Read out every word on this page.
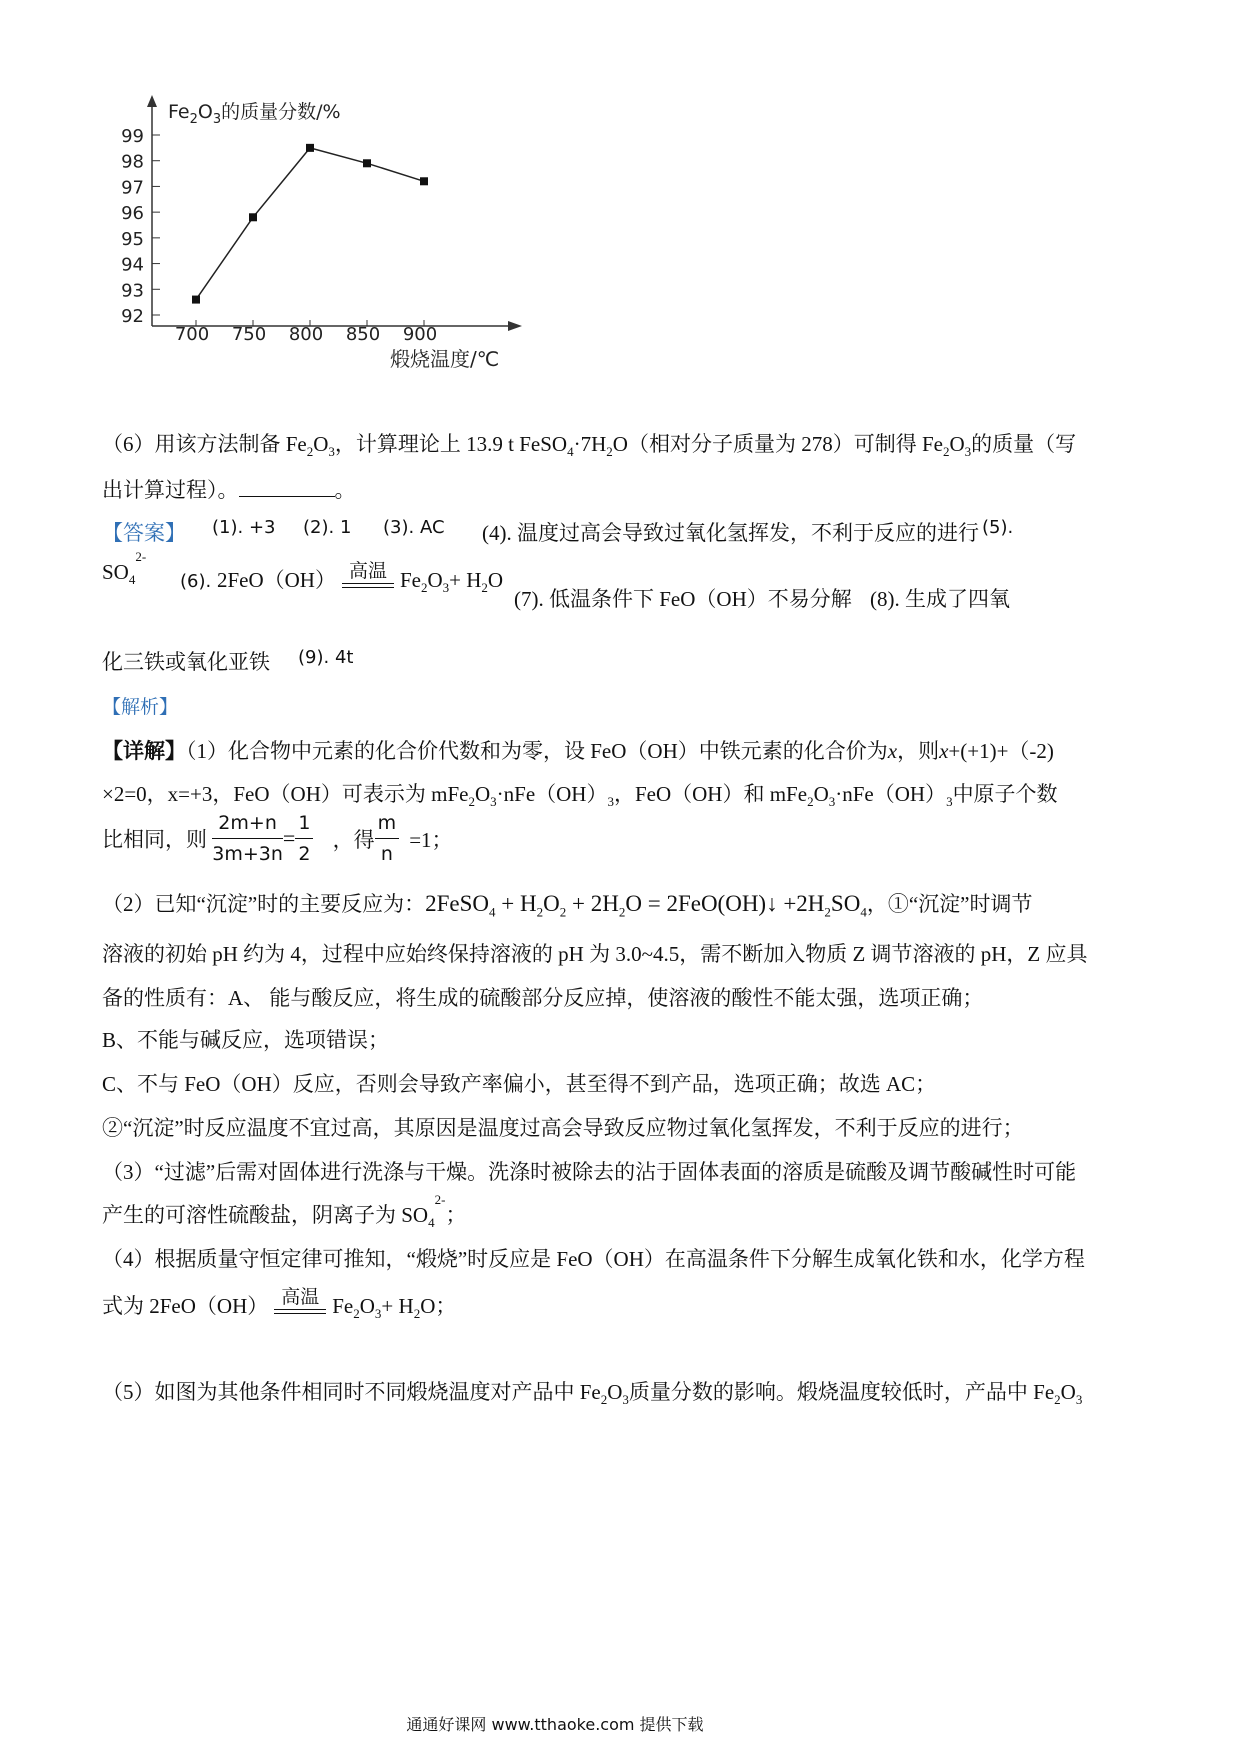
$Fe_2O_3$的质量分数/%
92
93
94
95
96
97
98
99
700 750 800 850 900
煅烧温度/℃
（6）用该方法制备 $Fe_2O_3$，计算理论上 13.9 t $FeSO_4\cdot 7H_2O$（相对分子质量为 278）可制得 $Fe_2O_3$的质量（写
出计算过程）。	。
【答案】 (1). +3 (2). 1 (3). AC (4). 温度过高会导致过氧化氢挥发，不利于反应的进行 (5).
$SO_4^{2-}$
(6). 2FeO（OH） 高温 $Fe_2O_3+ H_2O$
(7). 低温条件下 FeO（OH）不易分解 (8). 生成了四氧
化三铁或氧化亚铁 (9). 4t
【解析】
【详解】（1）化合物中元素的化合价代数和为零，设 FeO（OH）中铁元素的化合价为x，则x+(+1)+（-2)
×2=0，x=+3，FeO（OH）可表示为 $mFe_2O_3\cdot nFe(OH)_3$，FeO（OH）和 $mFe_2O_3\cdot nFe(OH)_3$中原子个数
比相同，则 $\frac{2m+n}{3m+3n} = \frac{1}{2}$ ，得 $\frac{m}{n} =1$；
（2）已知“沉淀”时的主要反应为：2FeSO$_4$ + $H_2O_2 + 2H_2O$ = 2FeO(OH)↓ $+2H_2SO_4$，①“沉淀”时调节
溶液的初始 pH 约为 4，过程中应始终保持溶液的 pH 为 3.0~4.5，需不断加入物质 Z 调节溶液的 pH，Z 应具
备的性质有：A、 能与酸反应，将生成的硫酸部分反应掉，使溶液的酸性不能太强，选项正确；
B、不能与碱反应，选项错误；
C、不与 FeO（OH）反应，否则会导致产率偏小，甚至得不到产品，选项正确；故选 AC；
②“沉淀”时反应温度不宜过高，其原因是温度过高会导致反应物过氧化氢挥发，不利于反应的进行；
（3）“过滤”后需对固体进行洗涤与干燥。洗涤时被除去的沾于固体表面的溶质是硫酸及调节酸碱性时可能
产生的可溶性硫酸盐，阴离子为 $SO_4^{2-}$；
（4）根据质量守恒定律可推知，“煅烧”时反应是 FeO（OH）在高温条件下分解生成氧化铁和水，化学方程
式为 2FeO（OH） 高温 $Fe_2O_3+ H_2O$；
（5）如图为其他条件相同时不同煅烧温度对产品中 $Fe_2O_3$质量分数的影响。煅烧温度较低时，产品中 $Fe_2O_3$
通通好课网 www.tthaoke.com 提供下载
